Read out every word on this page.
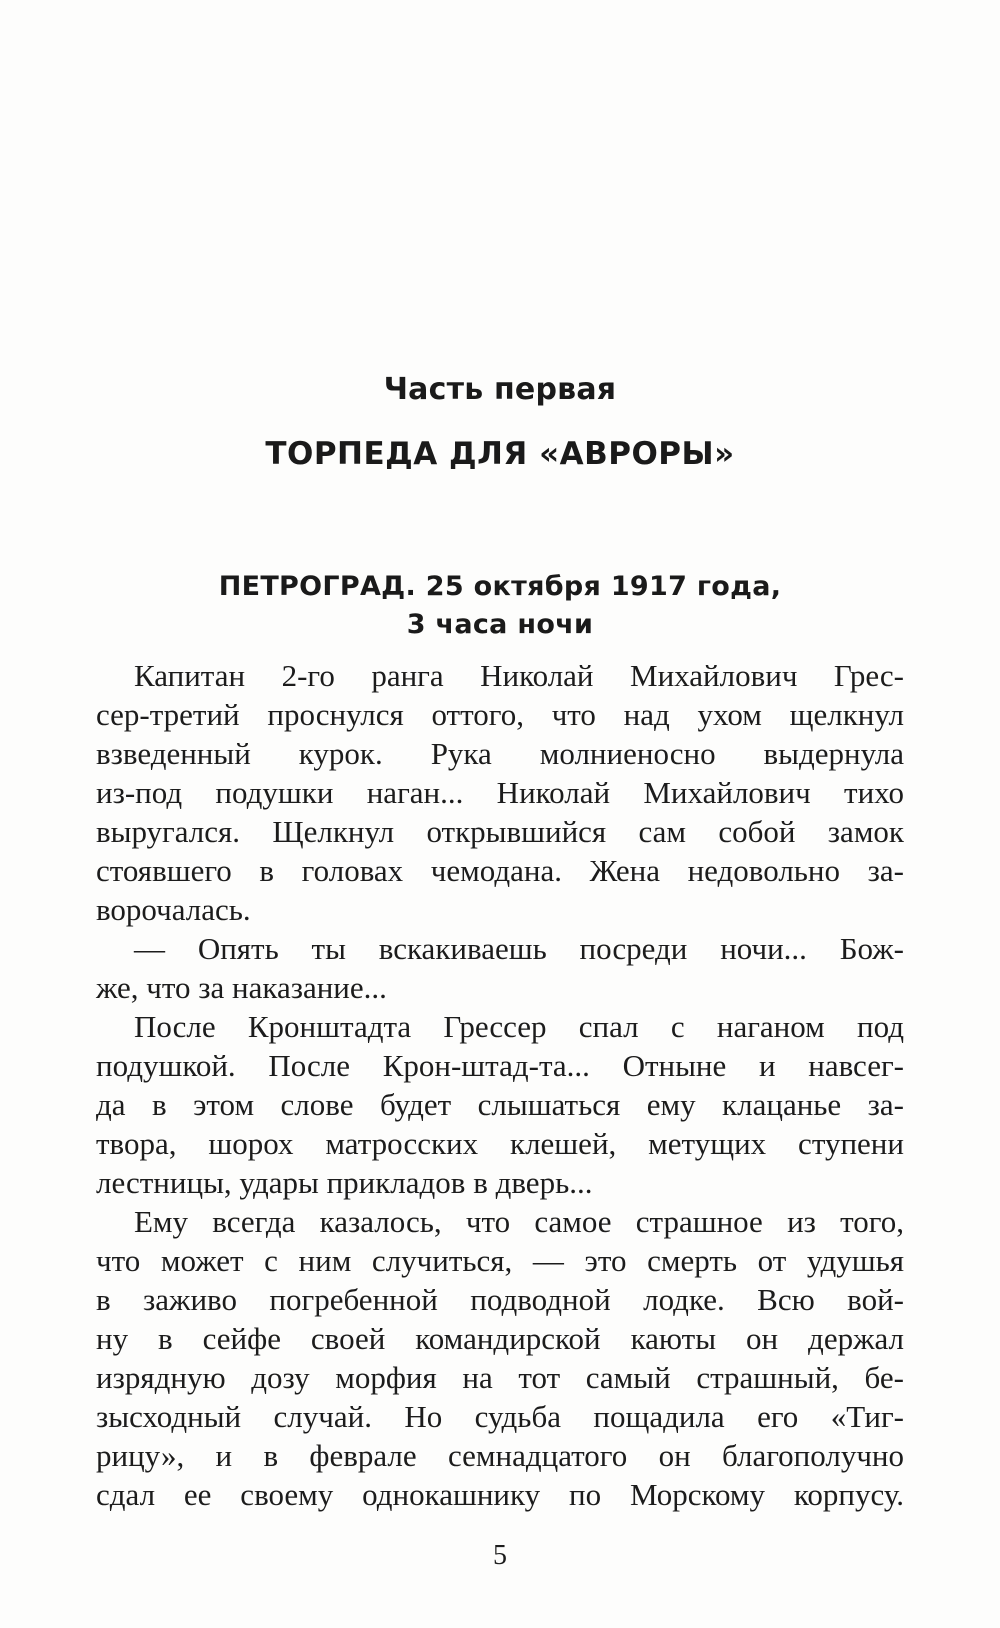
Часть первая
ТОРПЕДА ДЛЯ «АВРОРЫ»
ПЕТРОГРАД. 25 октября 1917 года,
3 часа ночи
Капитан 2-го ранга Николай Михайлович Грес-
сер-третий проснулся оттого, что над ухом щелкнул
взведенный курок. Рука молниеносно выдернула
из-под подушки наган... Николай Михайлович тихо
выругался. Щелкнул открывшийся сам собой замок
стоявшего в головах чемодана. Жена недовольно за-
ворочалась.
— Опять ты вскакиваешь посреди ночи... Бож-
же, что за наказание...
После Кронштадта Грессер спал с наганом под
подушкой. После Крон-штад-та... Отныне и навсег-
да в этом слове будет слышаться ему клацанье за-
твора, шорох матросских клешей, метущих ступени
лестницы, удары прикладов в дверь...
Ему всегда казалось, что самое страшное из того,
что может с ним случиться, — это смерть от удушья
в заживо погребенной подводной лодке. Всю вой-
ну в сейфе своей командирской каюты он держал
изрядную дозу морфия на тот самый страшный, бе-
зысходный случай. Но судьба пощадила его «Тиг-
рицу», и в феврале семнадцатого он благополучно
сдал ее своему однокашнику по Морскому корпусу.
5
